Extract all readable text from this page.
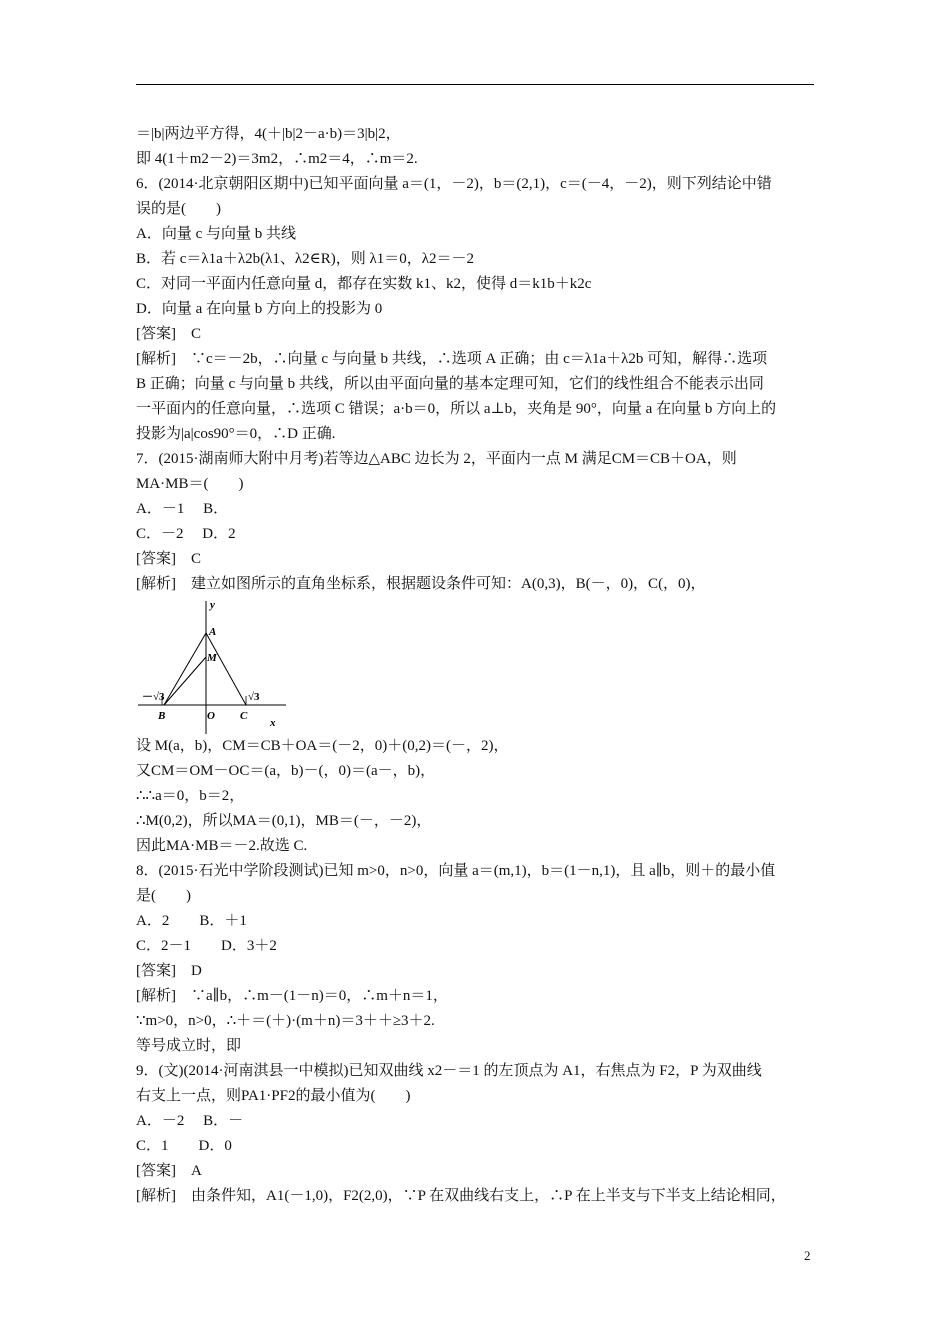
＝|b|两边平方得，4(＋|b|2－a·b)＝3|b|2，
即 4(1＋m2－2)＝3m2，∴m2＝4，∴m＝2.
6．(2014·北京朝阳区期中)已知平面向量 a＝(1，－2)，b＝(2,1)，c＝(－4，－2)，则下列结论中错
误的是(　　)
A．向量 c 与向量 b 共线
B．若 c＝λ1a＋λ2b(λ1、λ2∈R)，则 λ1＝0，λ2＝－2
C．对同一平面内任意向量 d，都存在实数 k1、k2，使得 d＝k1b＋k2c
D．向量 a 在向量 b 方向上的投影为 0
[答案]　C
[解析]　∵c＝－2b，∴向量 c 与向量 b 共线，∴选项 A 正确；由 c＝λ1a＋λ2b 可知，解得∴选项
B 正确；向量 c 与向量 b 共线，所以由平面向量的基本定理可知，它们的线性组合不能表示出同
一平面内的任意向量，∴选项 C 错误；a·b＝0，所以 a⊥b，夹角是 90°，向量 a 在向量 b 方向上的
投影为|a|cos90°＝0，∴D 正确.
7．(2015·湖南师大附中月考)若等边△ABC 边长为 2，平面内一点 M 满足CM＝CB＋OA，则
MA·MB＝(　　)
A．－1　 B．
C．－2　 D．2
[答案]　C
[解析]　建立如图所示的直角坐标系，根据题设条件可知：A(0,3)，B(－，0)，C(，0)，
y
x
－√3	√3
A
M
B	O C
设 M(a，b)，CM＝CB＋OA＝(－2，0)＋(0,2)＝(－，2)，
又CM＝OM－OC＝(a，b)－(，0)＝(a－，b)，
∴∴a＝0，b＝2，
∴M(0,2)，所以MA＝(0,1)，MB＝(－，－2)，
因此MA·MB＝－2.故选 C.
8．(2015·石光中学阶段测试)已知 m>0，n>0，向量 a＝(m,1)，b＝(1－n,1)，且 a∥b，则＋的最小值
是(　　)
A．2　　B．＋1
C．2－1　　D．3＋2
[答案]　D
[解析]　∵a∥b，∴m－(1－n)＝0，∴m＋n＝1，
∵m>0，n>0，∴＋＝(＋)·(m＋n)＝3＋＋≥3＋2.
等号成立时，即
9．(文)(2014·河南淇县一中模拟)已知双曲线 x2－＝1 的左顶点为 A1，右焦点为 F2，P 为双曲线
右支上一点，则PA1·PF2的最小值为(　　)
A．－2　 B．－
C．1　　D．0
[答案]　A
[解析]　由条件知，A1(－1,0)，F2(2,0)，∵P 在双曲线右支上，∴P 在上半支与下半支上结论相同，
2
